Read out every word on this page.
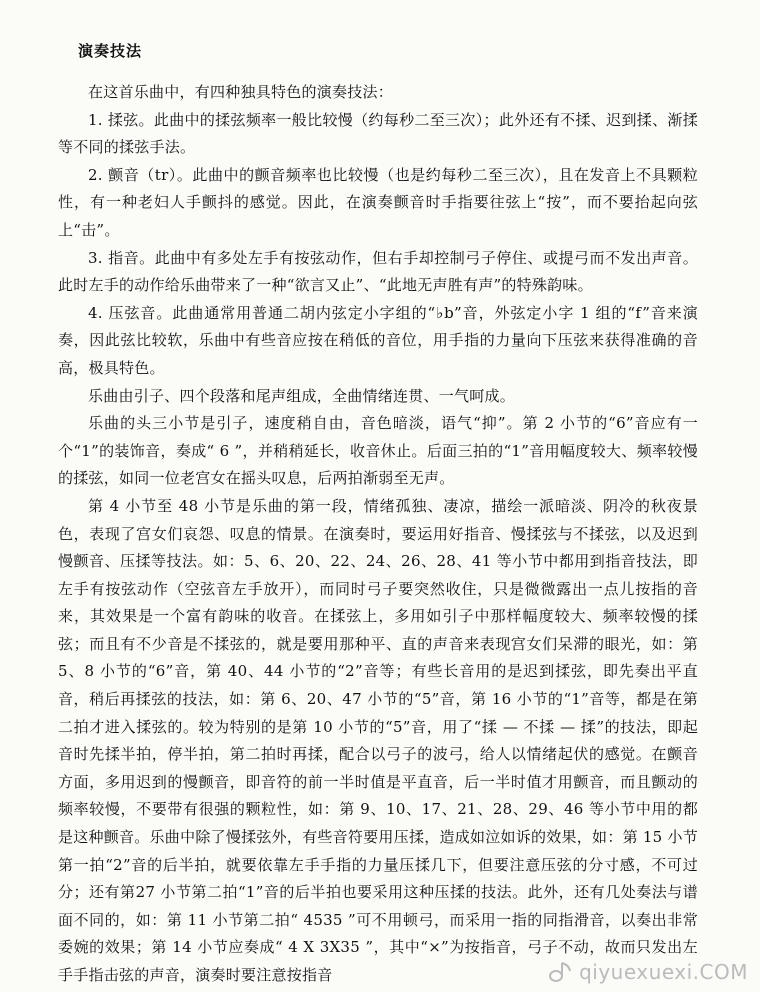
演奏技法

在这首乐曲中，有四种独具特色的演奏技法：

1. 揉弦。此曲中的揉弦频率一般比较慢（约每秒二至三次）；此外还有不揉、迟到揉、渐揉等不同的揉弦手法。

2. 颤音（tr）。此曲中的颤音频率也比较慢（也是约每秒二至三次），且在发音上不具颗粒性，有一种老妇人手颤抖的感觉。因此，在演奏颤音时手指要往弦上“按”，而不要抬起向弦上“击”。

3. 指音。此曲中有多处左手有按弦动作，但右手却控制弓子停住、或提弓而不发出声音。此时左手的动作给乐曲带来了一种“欲言又止”、“此地无声胜有声”的特殊韵味。

4. 压弦音。此曲通常用普通二胡内弦定小字组的“♭b”音，外弦定小字 1 组的“f”音来演奏，因此弦比较软，乐曲中有些音应按在稍低的音位，用手指的力量向下压弦来获得准确的音高，极具特色。

乐曲由引子、四个段落和尾声组成，全曲情绪连贯、一气呵成。

乐曲的头三小节是引子，速度稍自由，音色暗淡，语气“抑”。第 2 小节的“6”音应有一个“1”的装饰音，奏成“ 6 ”，并稍稍延长，收音休止。后面三拍的“1”音用幅度较大、频率较慢的揉弦，如同一位老宫女在摇头叹息，后两拍渐弱至无声。

第 4 小节至 48 小节是乐曲的第一段，情绪孤独、凄凉，描绘一派暗淡、阴冷的秋夜景色，表现了宫女们哀怨、叹息的情景。在演奏时，要运用好指音、慢揉弦与不揉弦，以及迟到慢颤音、压揉等技法。如：5、6、20、22、24、26、28、41 等小节中都用到指音技法，即左手有按弦动作（空弦音左手放开），而同时弓子要突然收住，只是微微露出一点儿按指的音来，其效果是一个富有韵味的收音。在揉弦上，多用如引子中那样幅度较大、频率较慢的揉弦；而且有不少音是不揉弦的，就是要用那种平、直的声音来表现宫女们呆滞的眼光，如：第 5、8 小节的“6”音，第 40、44 小节的“2”音等；有些长音用的是迟到揉弦，即先奏出平直音，稍后再揉弦的技法，如：第 6、20、47 小节的“5”音，第 16 小节的“1”音等，都是在第二拍才进入揉弦的。较为特别的是第 10 小节的“5”音，用了“揉 — 不揉 — 揉”的技法，即起音时先揉半拍，停半拍，第二拍时再揉，配合以弓子的波弓，给人以情绪起伏的感觉。在颤音方面，多用迟到的慢颤音，即音符的前一半时值是平直音，后一半时值才用颤音，而且颤动的频率较慢，不要带有很强的颗粒性，如：第 9、10、17、21、28、29、46 等小节中用的都是这种颤音。乐曲中除了慢揉弦外，有些音符要用压揉，造成如泣如诉的效果，如：第 15 小节第一拍“2”音的后半拍，就要依靠左手手指的力量压揉几下，但要注意压弦的分寸感，不可过分；还有第27 小节第二拍“1”音的后半拍也要采用这种压揉的技法。此外，还有几处奏法与谱面不同的，如：第 11 小节第二拍“ 4535 ”可不用顿弓，而采用一指的同指滑音，以奏出非常委婉的效果；第 14 小节应奏成“ 4 X 3X35 ”，其中“×”为按指音，弓子不动，故而只发出左手手指击弦的声音，演奏时要注意按指音	qiyuexuexi.COM
